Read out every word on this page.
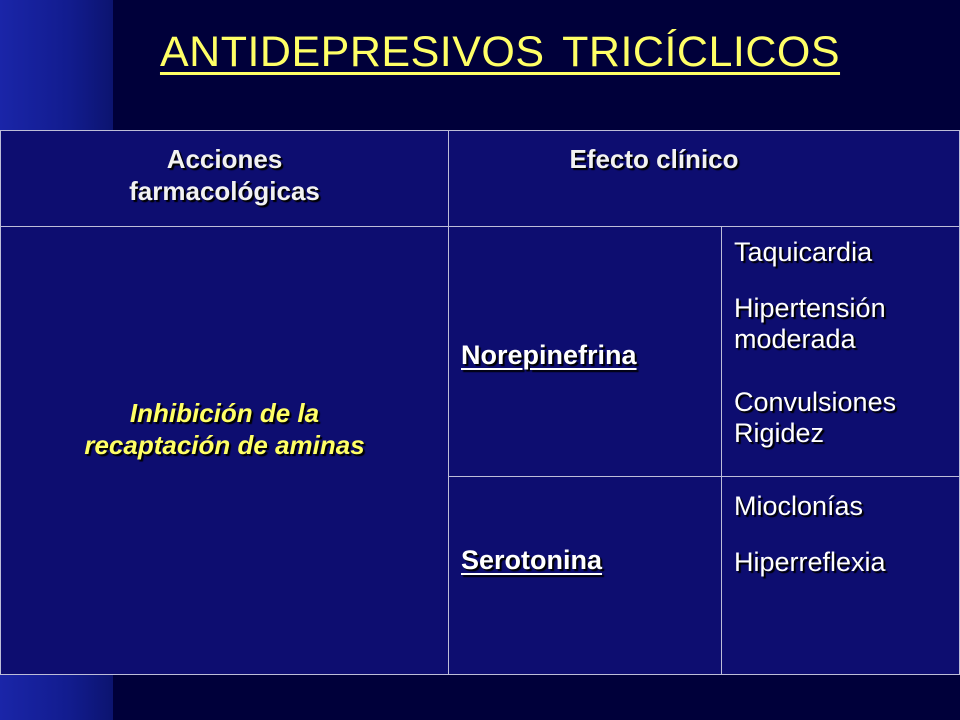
ANTIDEPRESIVOS TRICÍCLICOS
Acciones
farmacológicas
Efecto clínico
Inhibición de la
recaptación de aminas
Norepinefrina
Taquicardia
Hipertensión moderada
Convulsiones Rigidez
Serotonina
Mioclonías
Hiperreflexia
